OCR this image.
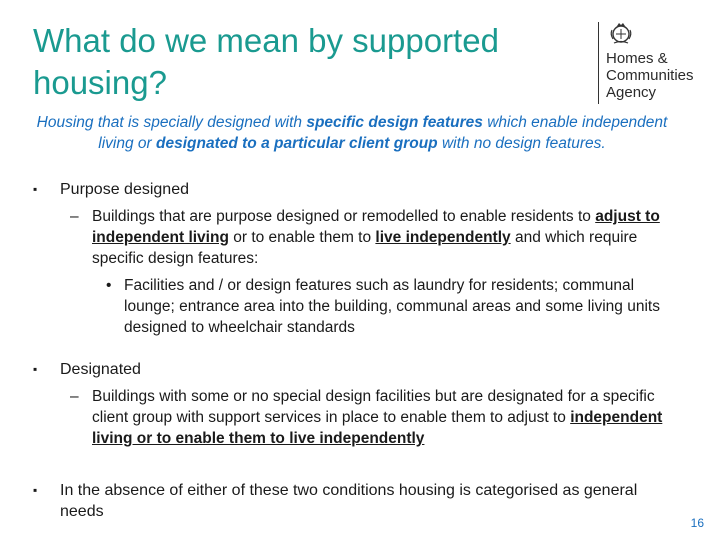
What do we mean by supported
housing?
Homes &
Communities
Agency

Housing that is specially designed with specific design features which enable independent living or designated to a particular client group with no design features.

▪ Purpose designed
– Buildings that are purpose designed or remodelled to enable residents to adjust to independent living or to enable them to live independently and which require specific design features:
• Facilities and / or design features such as laundry for residents; communal lounge; entrance area into the building, communal areas and some living units designed to wheelchair standards
▪ Designated
– Buildings with some or no special design facilities but are designated for a specific client group with support services in place to enable them to adjust to independent living or to enable them to live independently
▪ In the absence of either of these two conditions housing is categorised as general needs
16
